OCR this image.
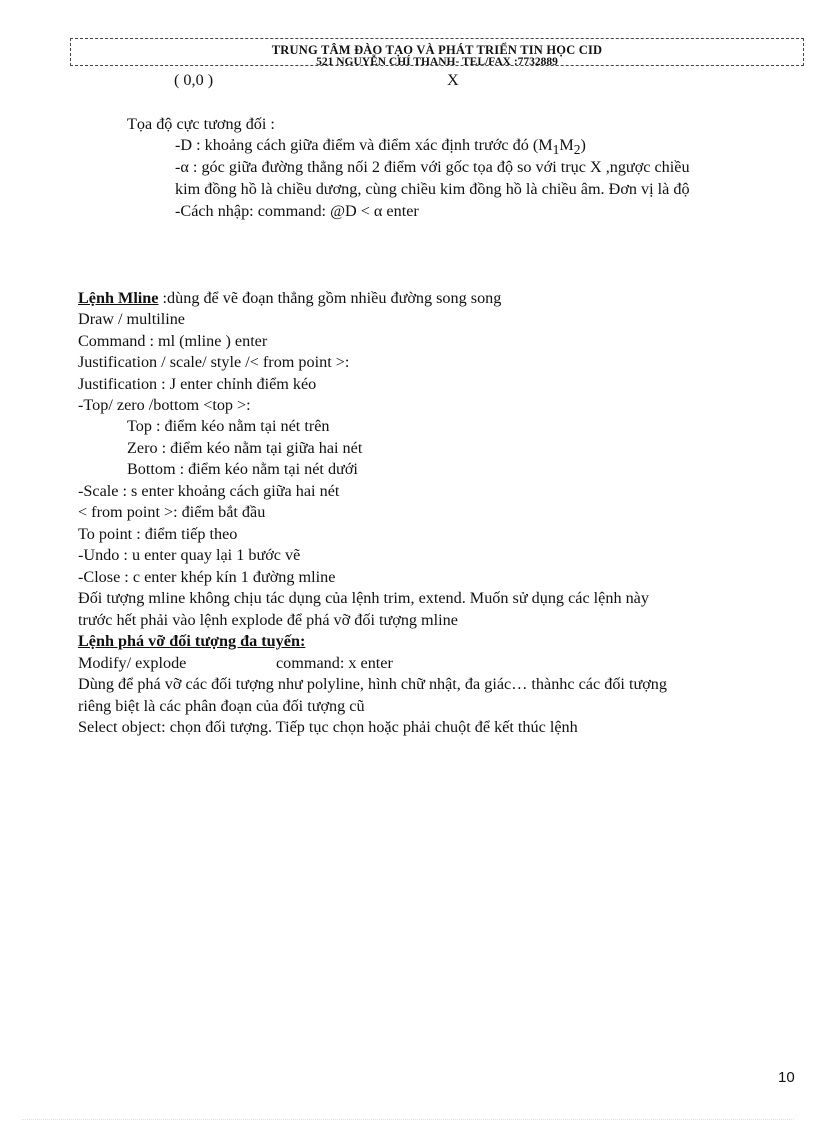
TRUNG TÂM ĐÀO TẠO VÀ PHÁT TRIỂN TIN HỌC CID
521 NGUYỄN CHÍ THANH- TEL/FAX :7732889
( 0,0 )	X
Tọa độ cực tương đối :
-D : khoảng cách giữa điểm và điểm xác định trước đó $(M_1M_2)$
-α : góc giữa đường thẳng nối 2 điểm với gốc tọa độ so với trục X ,ngược chiều
kim đồng hồ là chiều dương, cùng chiều kim đồng hồ là chiều âm. Đơn vị là độ
-Cách nhập: command: @D < α enter
Lệnh Mline :dùng để vẽ đoạn thẳng gồm nhiều đường song song
Draw / multiline
Command : ml (mline ) enter
Justification / scale/ style /< from point >:
Justification : J enter chỉnh điểm kéo
-Top/ zero /bottom <top >:
Top : điểm kéo nằm tại nét trên
Zero : điểm kéo nằm tại giữa hai nét
Bottom : điểm kéo nằm tại nét dưới
-Scale : s enter khoảng cách giữa hai nét
< from point >: điểm bắt đầu
To point : điểm tiếp theo
-Undo : u enter quay lại 1 bước vẽ
-Close : c enter khép kín 1 đường mline
Đối tượng mline không chịu tác dụng của lệnh trim, extend. Muốn sử dụng các lệnh này
trước hết phải vào lệnh explode để phá vỡ đối tượng mline
Lệnh phá vỡ đối tượng đa tuyến:
Modify/ explode	command: x enter
Dùng để phá vỡ các đối tượng như polyline, hình chữ nhật, đa giác… thànhc các đối tượng
riêng biệt là các phân đoạn của đối tượng cũ
Select object: chọn đối tượng. Tiếp tục chọn hoặc phải chuột để kết thúc lệnh
10
